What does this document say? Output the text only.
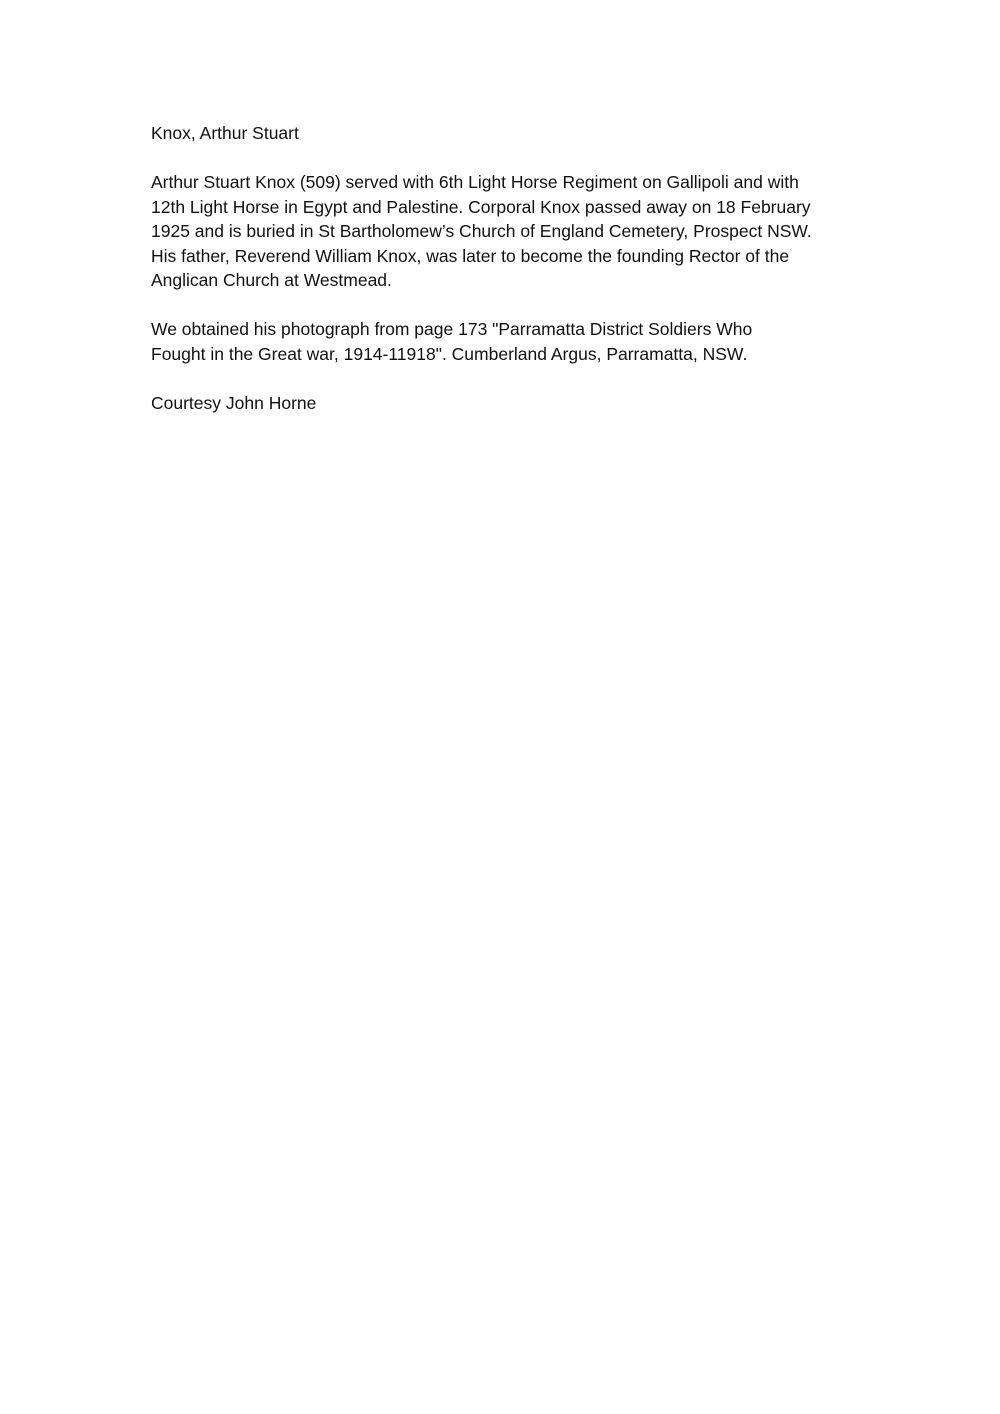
Knox, Arthur Stuart

Arthur Stuart Knox (509) served with 6th Light Horse Regiment on Gallipoli and with
12th Light Horse in Egypt and Palestine. Corporal Knox passed away on 18 February
1925 and is buried in St Bartholomew’s Church of England Cemetery, Prospect NSW.
His father, Reverend William Knox, was later to become the founding Rector of the
Anglican Church at Westmead.

We obtained his photograph from page 173 "Parramatta District Soldiers Who
Fought in the Great war, 1914-11918". Cumberland Argus, Parramatta, NSW.

Courtesy John Horne
